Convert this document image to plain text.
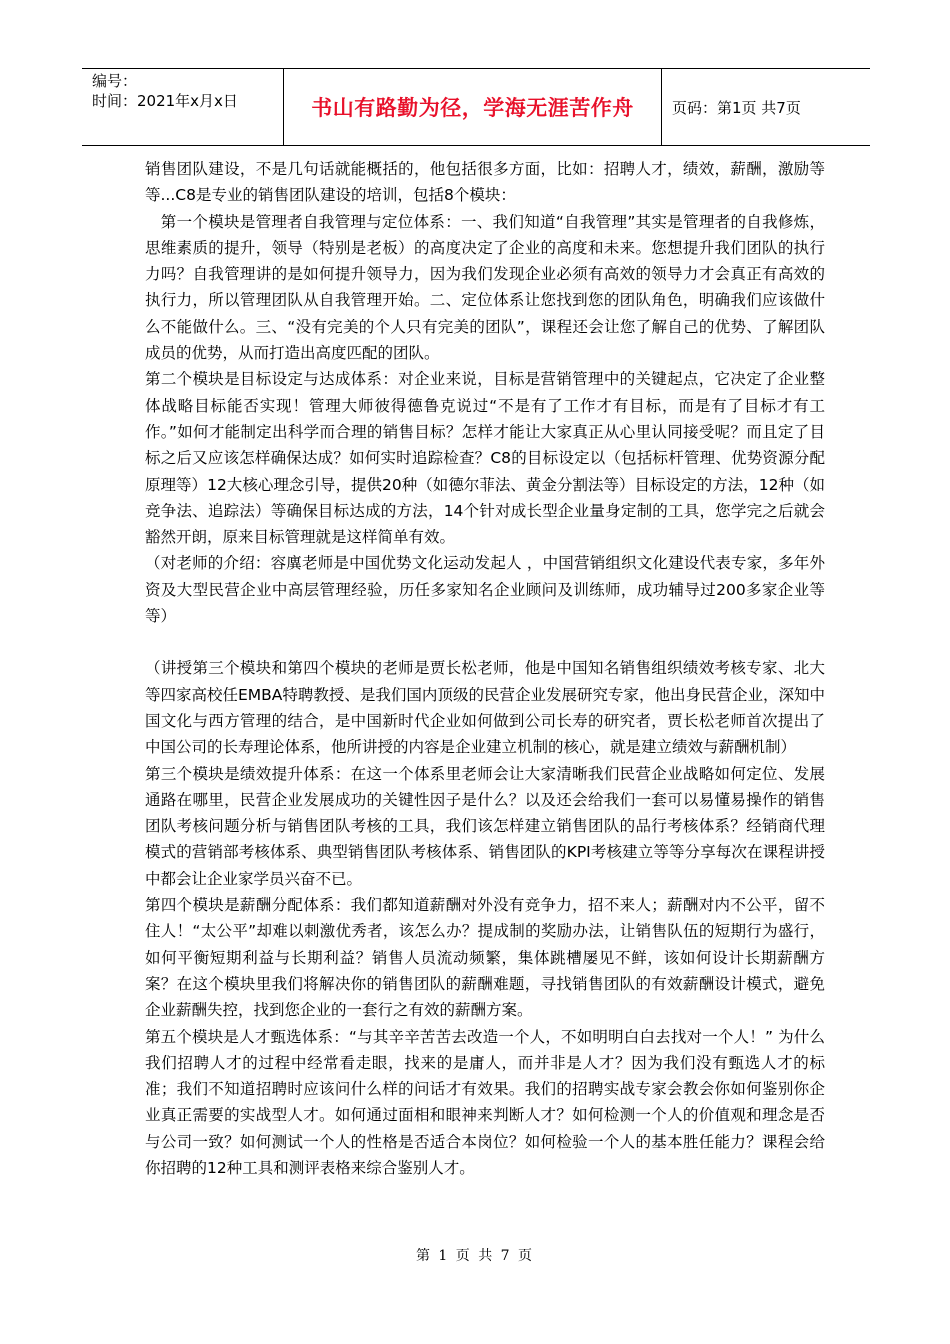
编号：
时间：2021年x月x日	书山有路勤为径，学海无涯苦作舟	页码：第1页 共7页

销售团队建设，不是几句话就能概括的，他包括很多方面，比如：招聘人才，绩效，薪酬，激励等等...C8是专业的销售团队建设的培训，包括8个模块：

　第一个模块是管理者自我管理与定位体系：一、我们知道“自我管理”其实是管理者的自我修炼，思维素质的提升，领导（特别是老板）的高度决定了企业的高度和未来。您想提升我们团队的执行力吗？自我管理讲的是如何提升领导力，因为我们发现企业必须有高效的领导力才会真正有高效的执行力，所以管理团队从自我管理开始。二、定位体系让您找到您的团队角色，明确我们应该做什么不能做什么。三、“没有完美的个人只有完美的团队”，课程还会让您了解自己的优势、了解团队成员的优势，从而打造出高度匹配的团队。

第二个模块是目标设定与达成体系：对企业来说，目标是营销管理中的关键起点，它决定了企业整体战略目标能否实现！管理大师彼得德鲁克说过“不是有了工作才有目标，而是有了目标才有工作。”如何才能制定出科学而合理的销售目标？怎样才能让大家真正从心里认同接受呢？而且定了目标之后又应该怎样确保达成？如何实时追踪检查？C8的目标设定以（包括标杆管理、优势资源分配原理等）12大核心理念引导，提供20种（如德尔菲法、黄金分割法等）目标设定的方法，12种（如竞争法、追踪法）等确保目标达成的方法，14个针对成长型企业量身定制的工具，您学完之后就会豁然开朗，原来目标管理就是这样简单有效。

（对老师的介绍：容廙老师是中国优势文化运动发起人 ，中国营销组织文化建设代表专家，多年外资及大型民营企业中高层管理经验，历任多家知名企业顾问及训练师，成功辅导过200多家企业等等）

（讲授第三个模块和第四个模块的老师是贾长松老师，他是中国知名销售组织绩效考核专家、北大等四家高校任EMBA特聘教授、是我们国内顶级的民营企业发展研究专家，他出身民营企业，深知中国文化与西方管理的结合，是中国新时代企业如何做到公司长寿的研究者，贾长松老师首次提出了中国公司的长寿理论体系，他所讲授的内容是企业建立机制的核心，就是建立绩效与薪酬机制）

第三个模块是绩效提升体系：在这一个体系里老师会让大家清晰我们民营企业战略如何定位、发展通路在哪里，民营企业发展成功的关键性因子是什么？以及还会给我们一套可以易懂易操作的销售团队考核问题分析与销售团队考核的工具，我们该怎样建立销售团队的品行考核体系？经销商代理模式的营销部考核体系、典型销售团队考核体系、销售团队的KPI考核建立等等分享每次在课程讲授中都会让企业家学员兴奋不已。

第四个模块是薪酬分配体系：我们都知道薪酬对外没有竞争力，招不来人；薪酬对内不公平，留不住人！“太公平”却难以刺激优秀者，该怎么办？提成制的奖励办法，让销售队伍的短期行为盛行，如何平衡短期利益与长期利益？销售人员流动频繁，集体跳槽屡见不鲜，该如何设计长期薪酬方案？在这个模块里我们将解决你的销售团队的薪酬难题，寻找销售团队的有效薪酬设计模式，避免企业薪酬失控，找到您企业的一套行之有效的薪酬方案。

第五个模块是人才甄选体系：“与其辛辛苦苦去改造一个人，不如明明白白去找对一个人！” 为什么我们招聘人才的过程中经常看走眼，找来的是庸人，而并非是人才？因为我们没有甄选人才的标准；我们不知道招聘时应该问什么样的问话才有效果。我们的招聘实战专家会教会你如何鉴别你企业真正需要的实战型人才。如何通过面相和眼神来判断人才？如何检测一个人的价值观和理念是否与公司一致？如何测试一个人的性格是否适合本岗位？如何检验一个人的基本胜任能力？课程会给你招聘的12种工具和测评表格来综合鉴别人才。

第 1 页 共 7 页
